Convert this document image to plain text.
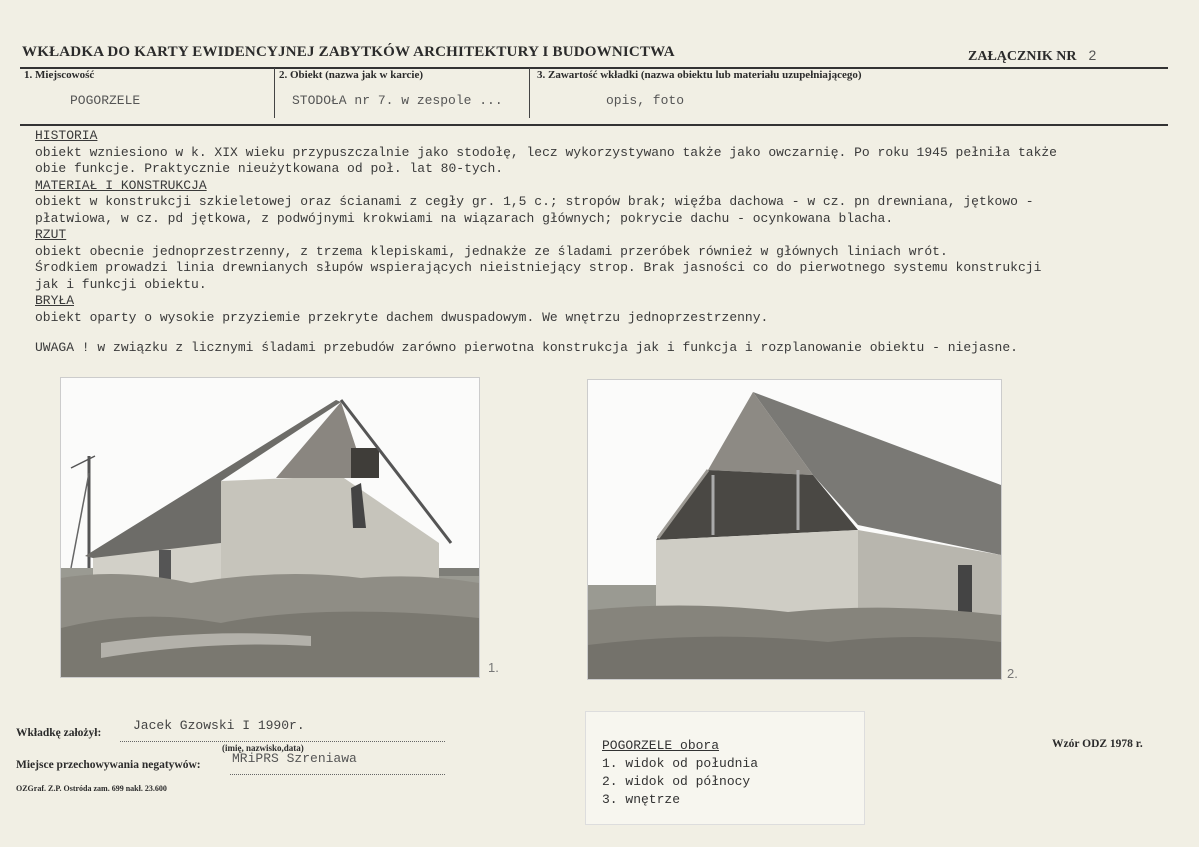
WKŁADKA DO KARTY EWIDENCYJNEJ ZABYTKÓW ARCHITEKTURY I BUDOWNICTWA	ZAŁĄCZNIK NR 2
1. Miejscowość
POGORZELE
2. Obiekt (nazwa jak w karcie)
STODOŁA nr 7. w zespole ...
3. Zawartość wkładki (nazwa obiektu lub materiału uzupełniającego)
opis, foto
HISTORIA
obiekt wzniesiono w k. XIX wieku przypuszczalnie jako stodołę, lecz wykorzystywano także jako owczarnię. Po roku 1945 pełniła także
obie funkcje. Praktycznie nieużytkowana od poł. lat 80-tych.
MATERIAŁ I KONSTRUKCJA
obiekt w konstrukcji szkieletowej oraz ścianami z cegły gr. 1,5 c.; stropów brak; więźba dachowa - w cz. pn drewniana, jętkowo -
płatwiowa, w cz. pd jętkowa, z podwójnymi krokwiami na wiązarach głównych; pokrycie dachu - ocynkowana blacha.
RZUT
obiekt obecnie jednoprzestrzenny, z trzema klepiskami, jednakże ze śladami przeróbek również w głównych liniach wrót.
Środkiem prowadzi linia drewnianych słupów wspierających nieistniejący strop. Brak jasności co do pierwotnego systemu konstrukcji
jak i funkcji obiektu.
BRYŁA
obiekt oparty o wysokie przyziemie przekryte dachem dwuspadowym. We wnętrzu jednoprzestrzenny.
UWAGA ! w związku z licznymi śladami przebudów zarówno pierwotna konstrukcja jak i funkcja i rozplanowanie obiektu - niejasne.
1.	2.
Wkładkę założył: Jacek Gzowski I 1990r.
(imię, nazwisko,data)
Miejsce przechowywania negatywów: MRiPRS Szreniawa
OZGraf. Z.P. Ostróda zam. 699 nakł. 23.600
POGORZELE obora
1. widok od południa
2. widok od północy
3. wnętrze
Wzór ODZ 1978 r.
